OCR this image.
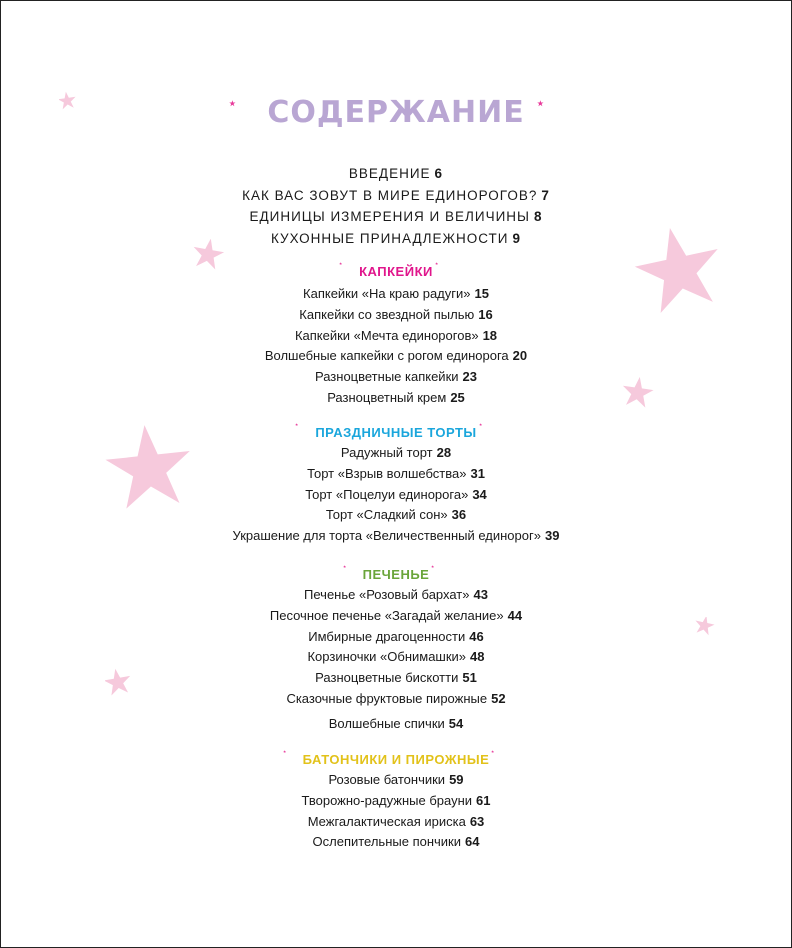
СОДЕРЖАНИЕ
ВВЕДЕНИЕ 6
КАК ВАС ЗОВУТ В МИРЕ ЕДИНОРОГОВ? 7
ЕДИНИЦЫ ИЗМЕРЕНИЯ И ВЕЛИЧИНЫ 8
КУХОННЫЕ ПРИНАДЛЕЖНОСТИ 9
КАПКЕЙКИ
Капкейки «На краю радуги» 15
Капкейки со звездной пылью 16
Капкейки «Мечта единорогов» 18
Волшебные капкейки с рогом единорога 20
Разноцветные капкейки 23
Разноцветный крем 25
ПРАЗДНИЧНЫЕ ТОРТЫ
Радужный торт 28
Торт «Взрыв волшебства» 31
Торт «Поцелуи единорога» 34
Торт «Сладкий сон» 36
Украшение для торта «Величественный единорог» 39
ПЕЧЕНЬЕ
Печенье «Розовый бархат» 43
Песочное печенье «Загадай желание» 44
Имбирные драгоценности 46
Корзиночки «Обнимашки» 48
Разноцветные бискотти 51
Сказочные фруктовые пирожные 52
Волшебные спички 54
БАТОНЧИКИ И ПИРОЖНЫЕ
Розовые батончики 59
Творожно-радужные брауни 61
Межгалактическая ириска 63
Ослепительные пончики 64
